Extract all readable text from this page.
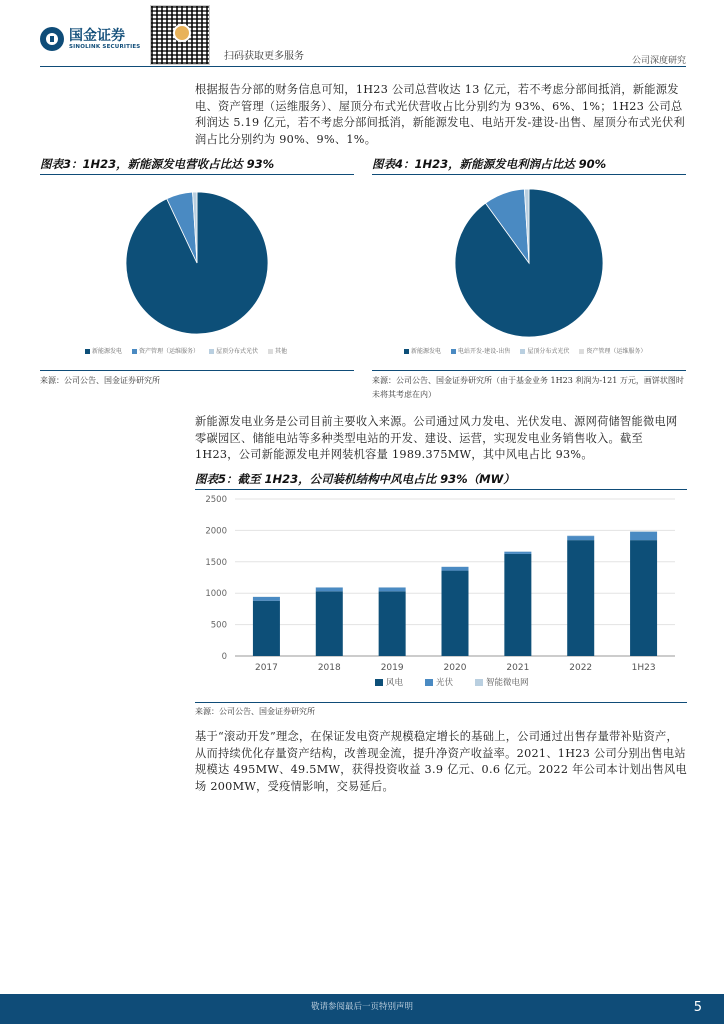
国金证券
SINOLINK SECURITIES
扫码获取更多服务	公司深度研究
根据报告分部的财务信息可知，1H23 公司总营收达 13 亿元，若不考虑分部间抵消，新能源发电、资产管理（运维服务）、屋顶分布式光伏营收占比分别约为 93%、6%、1%；1H23 公司总利润达 5.19 亿元，若不考虑分部间抵消，新能源发电、电站开发-建设-出售、屋顶分布式光伏利润占比分别约为 90%、9%、1%。
图表3：1H23，新能源发电营收占比达 93%
新能源发电	资产管理（运维服务）	屋顶分布式光伏	其他
来源：公司公告、国金证券研究所
图表4：1H23，新能源发电利润占比达 90%
新能源发电	电站开发-建设-出售	屋顶分布式光伏	资产管理（运维服务）
来源：公司公告、国金证券研究所（由于基金业务 1H23 利润为-121 万元，画饼状图时未将其考虑在内）
新能源发电业务是公司目前主要收入来源。公司通过风力发电、光伏发电、源网荷储智能微电网零碳园区、储能电站等多种类型电站的开发、建设、运营，实现发电业务销售收入。截至 1H23，公司新能源发电并网装机容量 1989.375MW，其中风电占比 93%。
图表5：截至 1H23，公司装机结构中风电占比 93%（MW）
0
500
1000
1500
2000
2500
2017	2018	2019	2020	2021	2022	1H23
风电	光伏	智能微电网
来源：公司公告、国金证券研究所
基于“滚动开发”理念，在保证发电资产规模稳定增长的基础上，公司通过出售存量带补贴资产，从而持续优化存量资产结构，改善现金流，提升净资产收益率。2021、1H23 公司分别出售电站规模达 495MW、49.5MW，获得投资收益 3.9 亿元、0.6 亿元。2022 年公司本计划出售风电场 200MW，受疫情影响，交易延后。
敬请参阅最后一页特别声明	5
